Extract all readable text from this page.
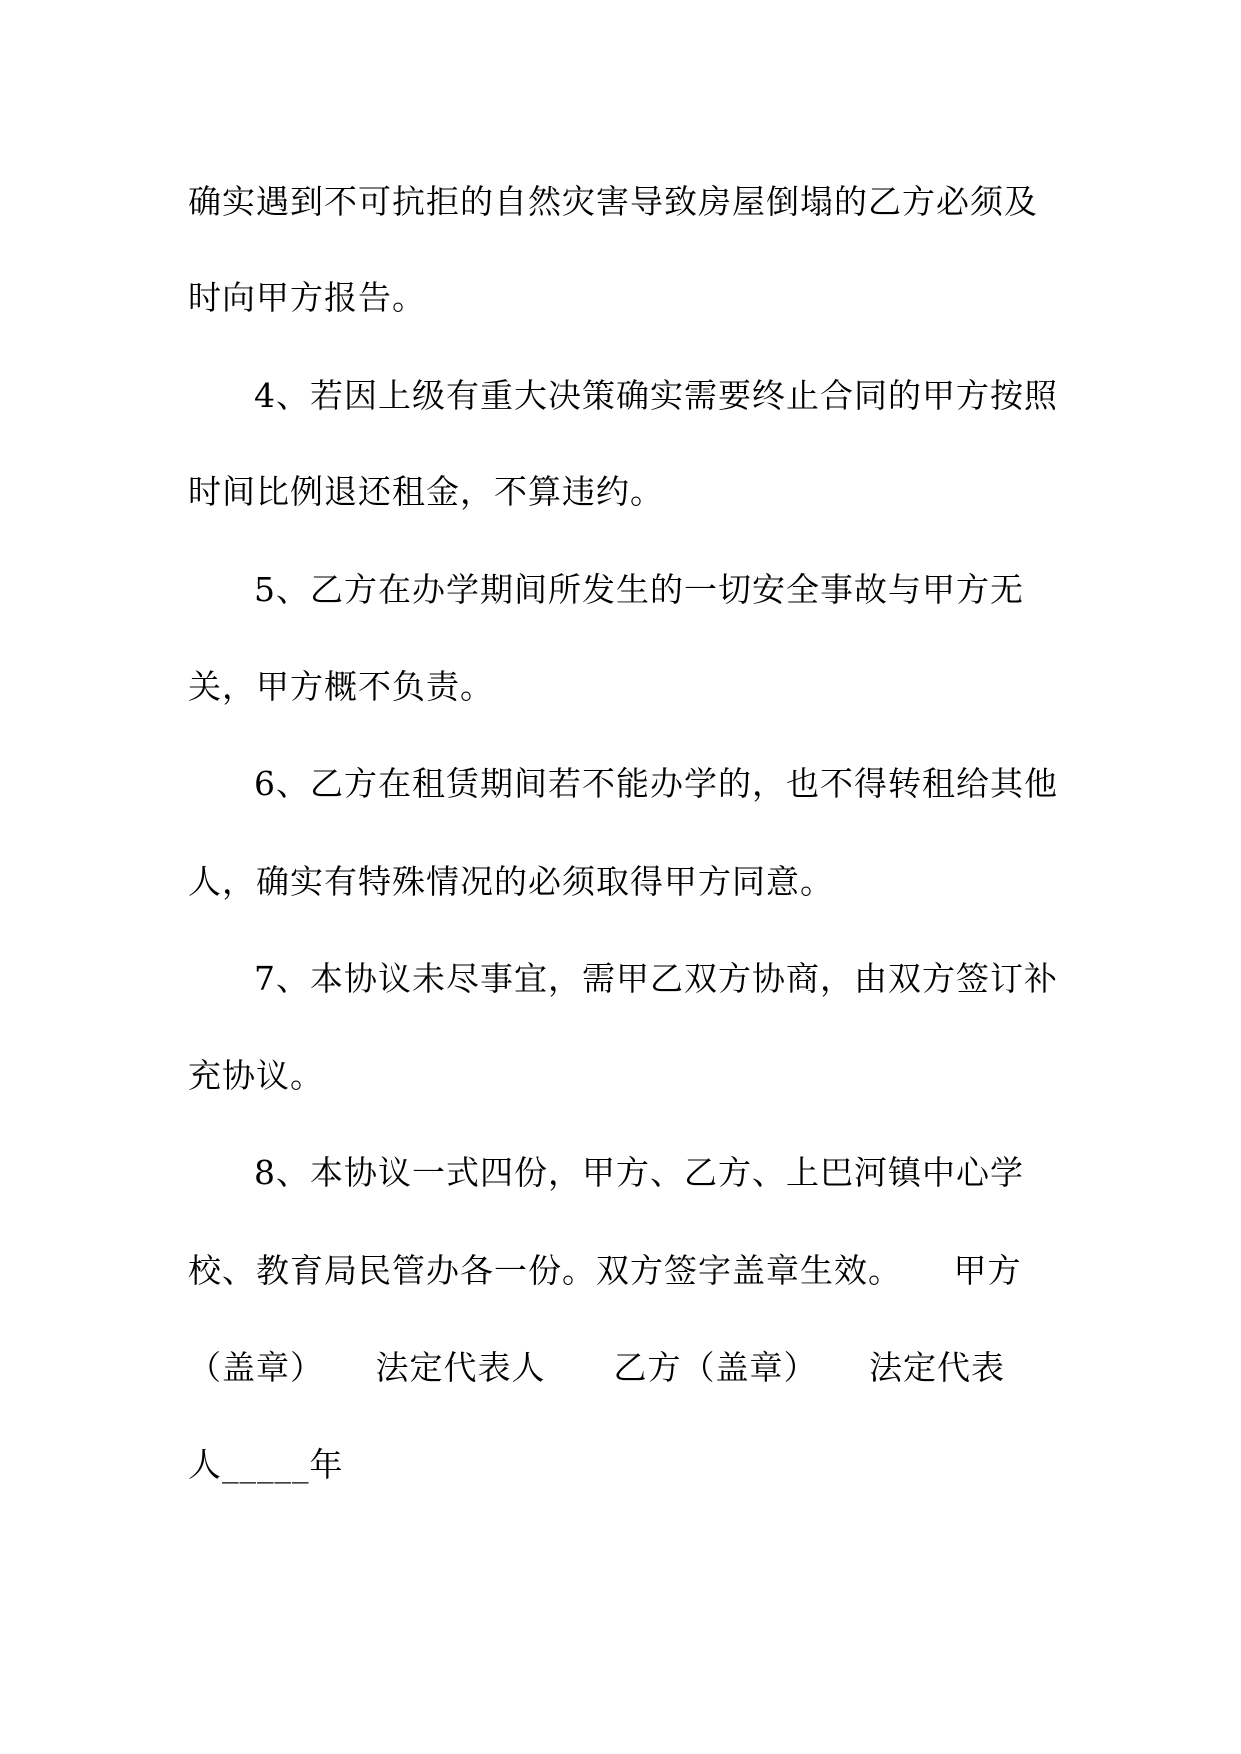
确实遇到不可抗拒的自然灾害导致房屋倒塌的乙方必须及
时向甲方报告。
4、若因上级有重大决策确实需要终止合同的甲方按照
时间比例退还租金，不算违约。
5、乙方在办学期间所发生的一切安全事故与甲方无
关，甲方概不负责。
6、乙方在租赁期间若不能办学的，也不得转租给其他
人，确实有特殊情况的必须取得甲方同意。
7、本协议未尽事宜，需甲乙双方协商，由双方签订补
充协议。
8、本协议一式四份，甲方、乙方、上巴河镇中心学
校、教育局民管办各一份。双方签字盖章生效。　　甲方
（盖章）　　法定代表人　　乙方（盖章）　　法定代表
人_____年
